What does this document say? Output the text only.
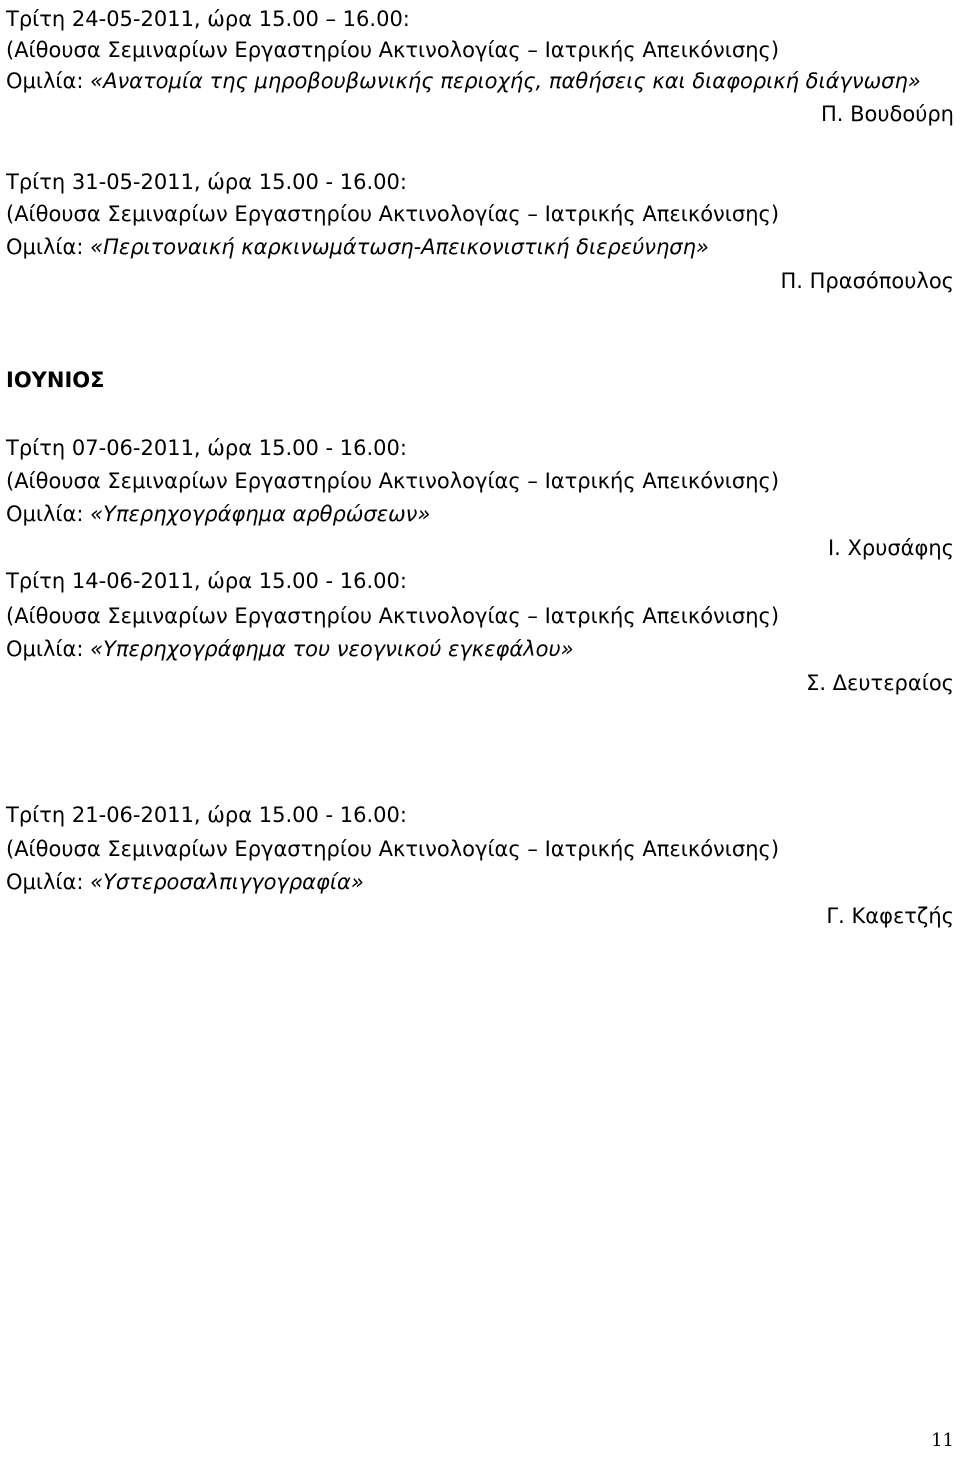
Τρίτη 24-05-2011, ώρα 15.00 – 16.00:
(Αίθουσα Σεμιναρίων Εργαστηρίου Ακτινολογίας – Ιατρικής Απεικόνισης)
Ομιλία: «Ανατομία της μηροβουβωνικής περιοχής, παθήσεις και διαφορική διάγνωση»
Π. Βουδούρη
Τρίτη 31-05-2011, ώρα 15.00 - 16.00:
(Αίθουσα Σεμιναρίων Εργαστηρίου Ακτινολογίας – Ιατρικής Απεικόνισης)
Ομιλία: «Περιτοναική καρκινωμάτωση-Απεικονιστική διερεύνηση»
Π. Πρασόπουλος
ΙΟΥΝΙΟΣ
Τρίτη 07-06-2011, ώρα 15.00 - 16.00:
(Αίθουσα Σεμιναρίων Εργαστηρίου Ακτινολογίας – Ιατρικής Απεικόνισης)
Ομιλία: «Υπερηχογράφημα αρθρώσεων»
Ι. Χρυσάφης
Τρίτη 14-06-2011, ώρα 15.00 - 16.00:
(Αίθουσα Σεμιναρίων Εργαστηρίου Ακτινολογίας – Ιατρικής Απεικόνισης)
Ομιλία: «Υπερηχογράφημα του νεογνικού εγκεφάλου»
Σ. Δευτεραίος
Τρίτη 21-06-2011, ώρα 15.00 - 16.00:
(Αίθουσα Σεμιναρίων Εργαστηρίου Ακτινολογίας – Ιατρικής Απεικόνισης)
Ομιλία: «Υστεροσαλπιγγογραφία»
Γ. Καφετζής
11
